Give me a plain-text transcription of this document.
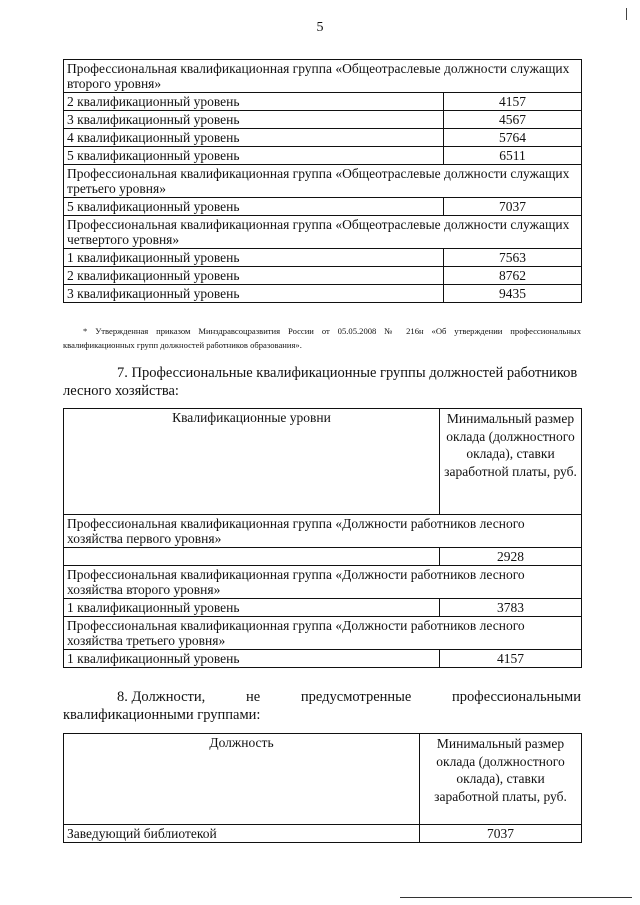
5
Профессиональная квалификационная группа «Общеотраслевые должности служащих второго уровня»	
2 квалификационный уровень	4157
3 квалификационный уровень	4567
4 квалификационный уровень	5764
5 квалификационный уровень	6511
Профессиональная квалификационная группа «Общеотраслевые должности служащих третьего уровня»	
5 квалификационный уровень	7037
Профессиональная квалификационная группа «Общеотраслевые должности служащих четвертого уровня»	
1 квалификационный уровень	7563
2 квалификационный уровень	8762
3 квалификационный уровень	9435
* Утвержденная приказом Минздравсоцразвития России от 05.05.2008 № 216н «Об утверждении профессиональных квалификационных групп должностей работников образования».
7. Профессиональные квалификационные группы должностей работников лесного хозяйства:
Квалификационные уровни	Минимальный размер оклада (должностного оклада), ставки заработной платы, руб.
Профессиональная квалификационная группа «Должности работников лесного хозяйства первого уровня»	
	2928
Профессиональная квалификационная группа «Должности работников лесного хозяйства второго уровня»	
1 квалификационный уровень	3783
Профессиональная квалификационная группа «Должности работников лесного хозяйства третьего уровня»	
1 квалификационный уровень	4157
8. Должности,	не	предусмотренные	профессиональными
квалификационными группами:
Должность	Минимальный размер оклада (должностного оклада), ставки заработной платы, руб.
Заведующий библиотекой	7037
